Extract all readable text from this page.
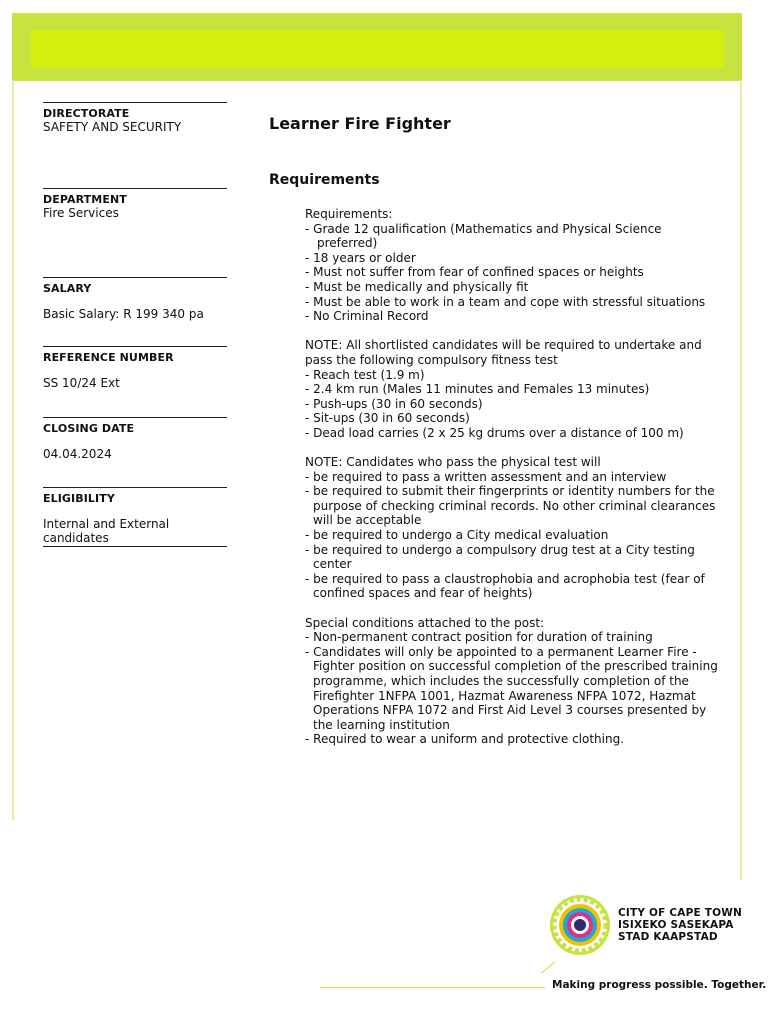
DIRECTORATE
SAFETY AND SECURITY
DEPARTMENT
Fire Services
SALARY
Basic Salary: R 199 340 pa
REFERENCE NUMBER
SS 10/24 Ext
CLOSING DATE
04.04.2024
ELIGIBILITY
Internal and External
candidates
Learner Fire Fighter
Requirements
Requirements:
- Grade 12 qualification (Mathematics and Physical Science
preferred)
- 18 years or older
- Must not suffer from fear of confined spaces or heights
- Must be medically and physically fit
- Must be able to work in a team and cope with stressful situations
- No Criminal Record
NOTE: All shortlisted candidates will be required to undertake and
pass the following compulsory fitness test
- Reach test (1.9 m)
- 2.4 km run (Males 11 minutes and Females 13 minutes)
- Push-ups (30 in 60 seconds)
- Sit-ups (30 in 60 seconds)
- Dead load carries (2 x 25 kg drums over a distance of 100 m)
NOTE: Candidates who pass the physical test will
- be required to pass a written assessment and an interview
- be required to submit their fingerprints or identity numbers for the
purpose of checking criminal records. No other criminal clearances
will be acceptable
- be required to undergo a City medical evaluation
- be required to undergo a compulsory drug test at a City testing
center
- be required to pass a claustrophobia and acrophobia test (fear of
confined spaces and fear of heights)
Special conditions attached to the post:
- Non-permanent contract position for duration of training
- Candidates will only be appointed to a permanent Learner Fire -
Fighter position on successful completion of the prescribed training
programme, which includes the successfully completion of the
Firefighter 1NFPA 1001, Hazmat Awareness NFPA 1072, Hazmat
Operations NFPA 1072 and First Aid Level 3 courses presented by
the learning institution
- Required to wear a uniform and protective clothing.
CITY OF CAPE TOWN
ISIXEKO SASEKAPA
STAD KAAPSTAD
Making progress possible. Together.
